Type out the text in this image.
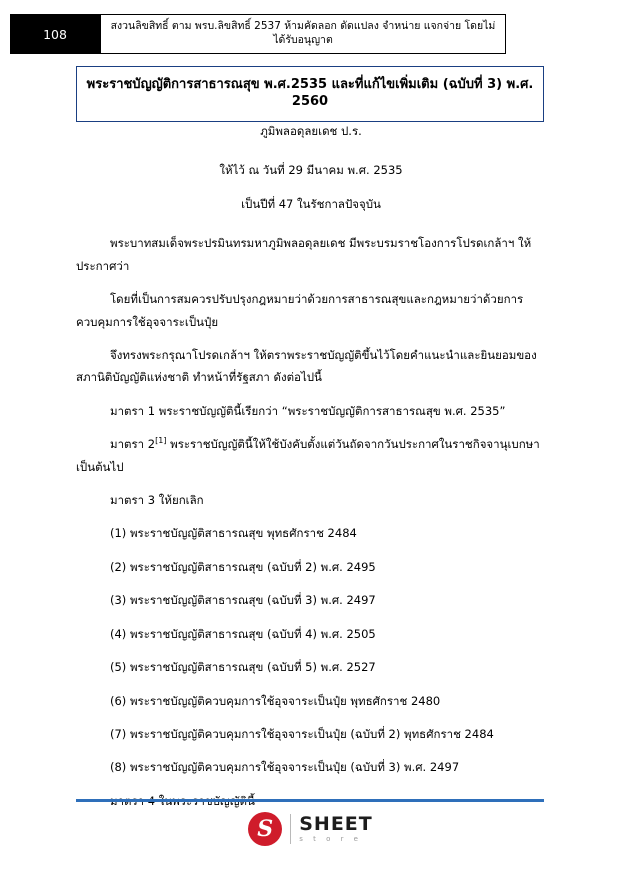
108
สงวนลิขสิทธิ์ ตาม พรบ.ลิขสิทธิ์ 2537 ห้ามคัดลอก ดัดแปลง จำหน่าย แจกจ่าย โดยไม่ได้รับอนุญาต
พระราชบัญญัติการสาธารณสุข พ.ศ.2535 และที่แก้ไขเพิ่มเติม (ฉบับที่ 3) พ.ศ. 2560

ภูมิพลอดุลยเดช ป.ร.

ให้ไว้ ณ วันที่ 29 มีนาคม พ.ศ. 2535

เป็นปีที่ 47 ในรัชกาลปัจจุบัน

พระบาทสมเด็จพระปรมินทรมหาภูมิพลอดุลยเดช มีพระบรมราชโองการโปรดเกล้าฯ ให้ประกาศว่า

โดยที่เป็นการสมควรปรับปรุงกฎหมายว่าด้วยการสาธารณสุขและกฎหมายว่าด้วยการควบคุมการใช้อุจจาระเป็นปุ๋ย

จึงทรงพระกรุณาโปรดเกล้าฯ ให้ตราพระราชบัญญัติขึ้นไว้โดยคำแนะนำและยินยอมของสภานิติบัญญัติแห่งชาติ ทำหน้าที่รัฐสภา ดังต่อไปนี้

มาตรา 1 พระราชบัญญัตินี้เรียกว่า “พระราชบัญญัติการสาธารณสุข พ.ศ. 2535”

มาตรา 2[1] พระราชบัญญัตินี้ให้ใช้บังคับตั้งแต่วันถัดจากวันประกาศในราชกิจจานุเบกษาเป็นต้นไป

มาตรา 3 ให้ยกเลิก

(1) พระราชบัญญัติสาธารณสุข พุทธศักราช 2484

(2) พระราชบัญญัติสาธารณสุข (ฉบับที่ 2) พ.ศ. 2495

(3) พระราชบัญญัติสาธารณสุข (ฉบับที่ 3) พ.ศ. 2497

(4) พระราชบัญญัติสาธารณสุข (ฉบับที่ 4) พ.ศ. 2505

(5) พระราชบัญญัติสาธารณสุข (ฉบับที่ 5) พ.ศ. 2527

(6) พระราชบัญญัติควบคุมการใช้อุจจาระเป็นปุ๋ย พุทธศักราช 2480

(7) พระราชบัญญัติควบคุมการใช้อุจจาระเป็นปุ๋ย (ฉบับที่ 2) พุทธศักราช 2484

(8) พระราชบัญญัติควบคุมการใช้อุจจาระเป็นปุ๋ย (ฉบับที่ 3) พ.ศ. 2497

S	SHEET
s t o r e
